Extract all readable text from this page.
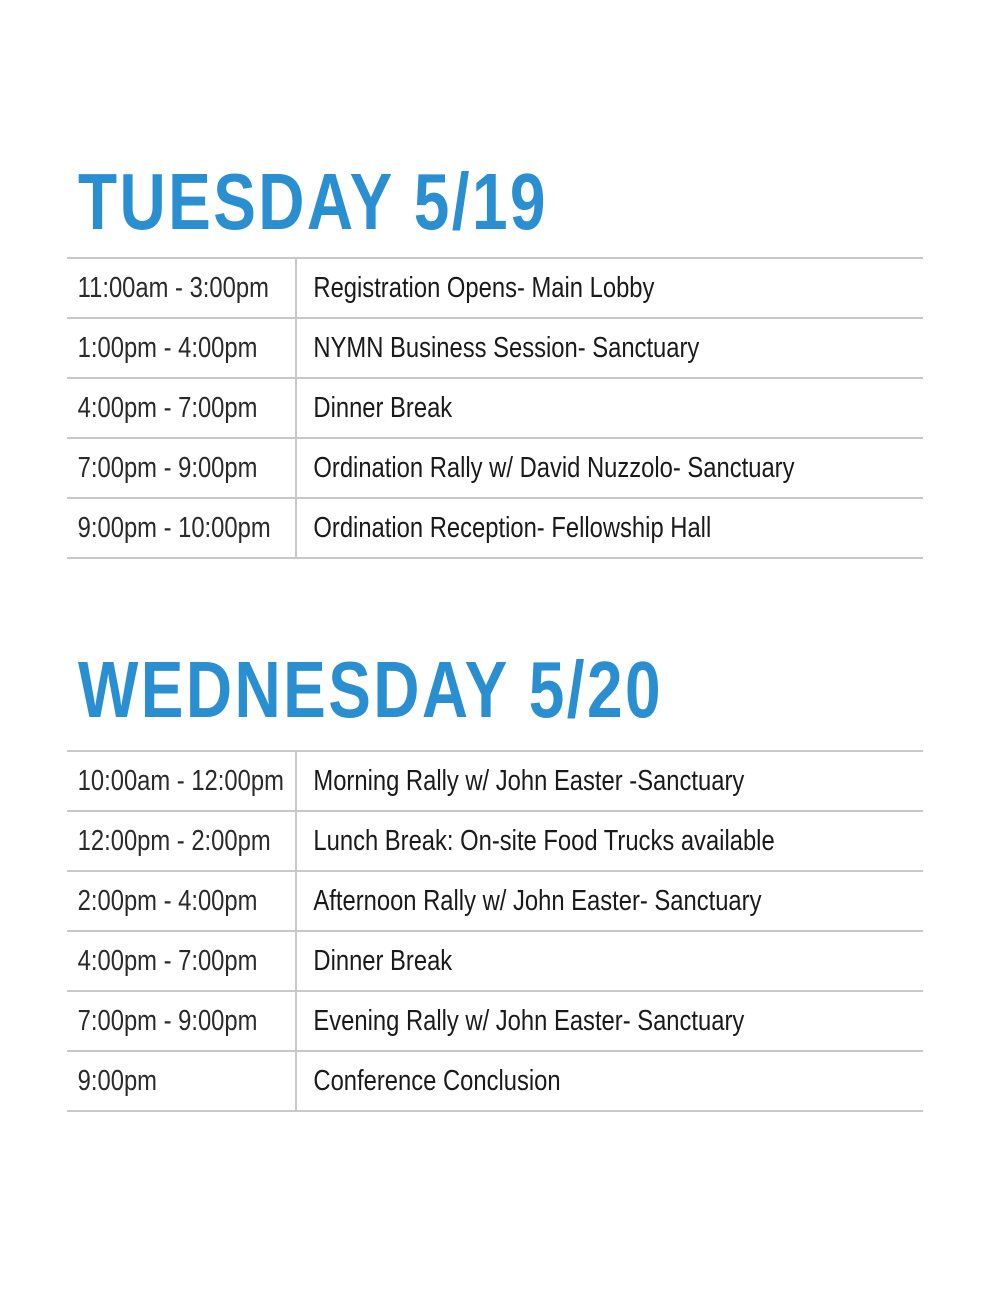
TUESDAY 5/19
11:00am - 3:00pm	Registration Opens- Main Lobby
1:00pm - 4:00pm	NYMN Business Session- Sanctuary
4:00pm - 7:00pm	Dinner Break
7:00pm - 9:00pm	Ordination Rally w/ David Nuzzolo- Sanctuary
9:00pm - 10:00pm	Ordination Reception- Fellowship Hall
WEDNESDAY 5/20
10:00am - 12:00pm	Morning Rally w/ John Easter -Sanctuary
12:00pm - 2:00pm	Lunch Break: On-site Food Trucks available
2:00pm - 4:00pm	Afternoon Rally w/ John Easter- Sanctuary
4:00pm - 7:00pm	Dinner Break
7:00pm - 9:00pm	Evening Rally w/ John Easter- Sanctuary
9:00pm	Conference Conclusion
